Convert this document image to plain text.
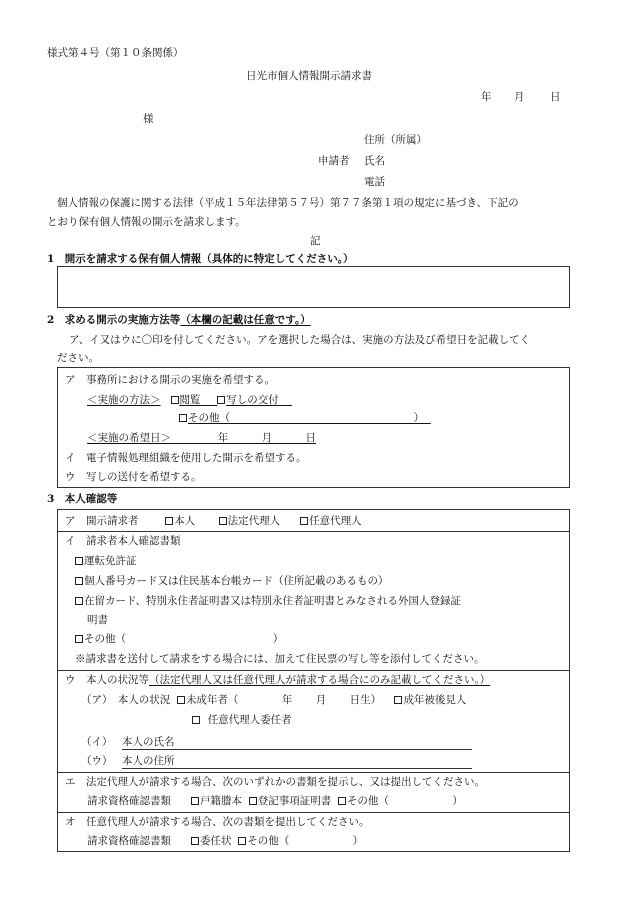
様式第４号（第１０条関係）
日光市個人情報開示請求書
年 月 日
様
住所（所属）
申請者 氏名
電話
個人情報の保護に関する法律（平成１５年法律第５７号）第７７条第１項の規定に基づき、下記の
とおり保有個人情報の開示を請求します。
記
1　開示を請求する保有個人情報（具体的に特定してください。）
2　求める開示の実施方法等（本欄の記載は任意です。）
ア、イ又はウに〇印を付してください。アを選択した場合は、実施の方法及び希望日を記載してく
ださい。
ア　事務所における開示の実施を希望する。
＜実施の方法＞ 閲覧 写しの交付
その他（	）
＜実施の希望日＞	年	月	日
イ　電子情報処理組織を使用した開示を希望する。
ウ　写しの送付を希望する。
3　本人確認等
ア　開示請求者	本人	法定代理人	任意代理人
イ　請求者本人確認書類
運転免許証
個人番号カード又は住民基本台帳カード（住所記載のあるもの）
在留カード、特別永住者証明書又は特別永住者証明書とみなされる外国人登録証
明書
その他（	）
※請求書を送付して請求をする場合には、加えて住民票の写し等を添付してください。
ウ　本人の状況等（法定代理人又は任意代理人が請求する場合にのみ記載してください。）
（ア）　本人の状況 未成年者（	年 月 日生） 成年被後見人
任意代理人委任者
（イ） 本人の氏名
（ウ） 本人の住所
エ　法定代理人が請求する場合、次のいずれかの書類を提示し、又は提出してください。
請求資格確認書類	戸籍謄本 登記事項証明書 その他（	）
オ　任意代理人が請求する場合、次の書類を提出してください。
請求資格確認書類	委任状 その他（	）
